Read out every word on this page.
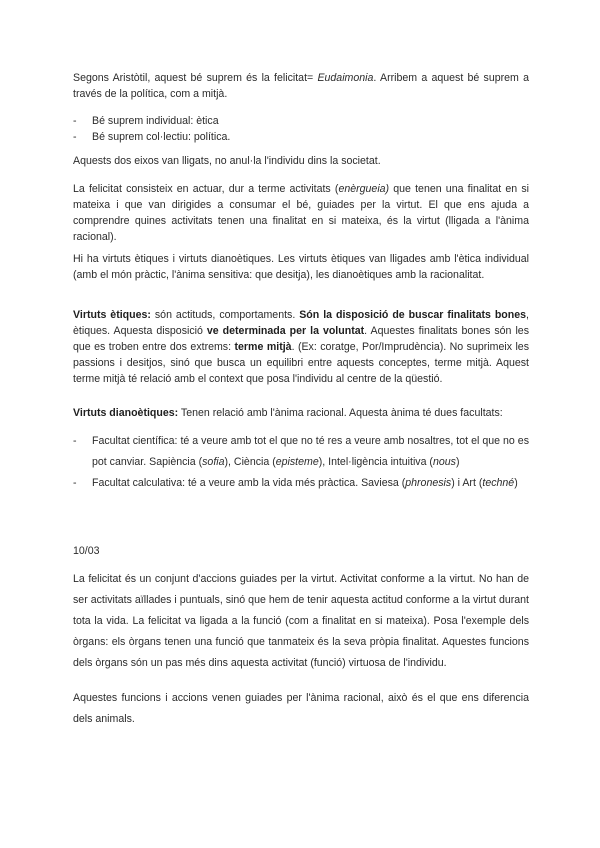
Segons Aristòtil, aquest bé suprem és la felicitat= Eudaimonia. Arribem a aquest bé suprem a través de la política, com a mitjà.

- Bé suprem individual: ètica
- Bé suprem col·lectiu: política.

Aquests dos eixos van lligats, no anul·la l'individu dins la societat.

La felicitat consisteix en actuar, dur a terme activitats (enèrgueia) que tenen una finalitat en si mateixa i que van dirigides a consumar el bé, guiades per la virtut. El que ens ajuda a comprendre quines activitats tenen una finalitat en si mateixa, és la virtut (lligada a l'ànima racional).

Hi ha virtuts ètiques i virtuts dianoètiques. Les virtuts ètiques van lligades amb l'ètica individual (amb el món pràctic, l'ànima sensitiva: que desitja), les dianoètiques amb la racionalitat.

Virtuts ètiques: són actituds, comportaments. Són la disposició de buscar finalitats bones, ètiques. Aquesta disposició ve determinada per la voluntat. Aquestes finalitats bones són les que es troben entre dos extrems: terme mitjà. (Ex: coratge, Por/Imprudència). No suprimeix les passions i desitjos, sinó que busca un equilibri entre aquests conceptes, terme mitjà. Aquest terme mitjà té relació amb el context que posa l'individu al centre de la qüestió.

Virtuts dianoètiques: Tenen relació amb l'ànima racional. Aquesta ànima té dues facultats:

- Facultat científica: té a veure amb tot el que no té res a veure amb nosaltres, tot el que no es pot canviar. Sapiència (sofia), Ciència (episteme), Intel·ligència intuitiva (nous)
- Facultat calculativa: té a veure amb la vida més pràctica. Saviesa (phronesis) i Art (techné)

10/03

La felicitat és un conjunt d'accions guiades per la virtut. Activitat conforme a la virtut. No han de ser activitats aïllades i puntuals, sinó que hem de tenir aquesta actitud conforme a la virtut durant tota la vida. La felicitat va ligada a la funció (com a finalitat en si mateixa). Posa l'exemple dels òrgans: els òrgans tenen una funció que tanmateix és la seva pròpia finalitat. Aquestes funcions dels òrgans són un pas més dins aquesta activitat (funció) virtuosa de l'individu.

Aquestes funcions i accions venen guiades per l'ànima racional, això és el que ens diferencia dels animals.
